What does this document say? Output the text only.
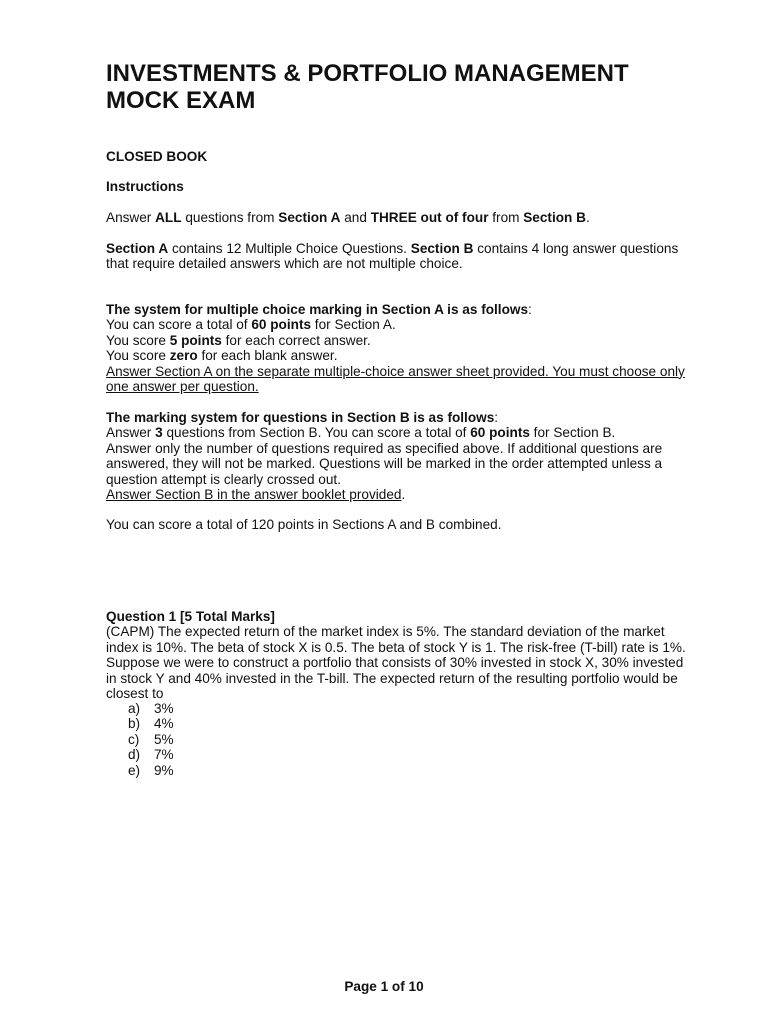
INVESTMENTS & PORTFOLIO MANAGEMENT
MOCK EXAM

CLOSED BOOK

Instructions

Answer ALL questions from Section A and THREE out of four from Section B.

Section A contains 12 Multiple Choice Questions. Section B contains 4 long answer questions that require detailed answers which are not multiple choice.

The system for multiple choice marking in Section A is as follows:
You can score a total of 60 points for Section A.
You score 5 points for each correct answer.
You score zero for each blank answer.
Answer Section A on the separate multiple-choice answer sheet provided. You must choose only one answer per question.
The marking system for questions in Section B is as follows:
Answer 3 questions from Section B. You can score a total of 60 points for Section B.
Answer only the number of questions required as specified above. If additional questions are answered, they will not be marked. Questions will be marked in the order attempted unless a question attempt is clearly crossed out.
Answer Section B in the answer booklet provided.

You can score a total of 120 points in Sections A and B combined.

Question 1 [5 Total Marks]
(CAPM) The expected return of the market index is 5%. The standard deviation of the market index is 10%. The beta of stock X is 0.5. The beta of stock Y is 1. The risk-free (T-bill) rate is 1%. Suppose we were to construct a portfolio that consists of 30% invested in stock X, 30% invested in stock Y and 40% invested in the T-bill. The expected return of the resulting portfolio would be closest to
a)	3%
b)	4%
c)	5%
d)	7%
e)	9%
Page 1 of 10
